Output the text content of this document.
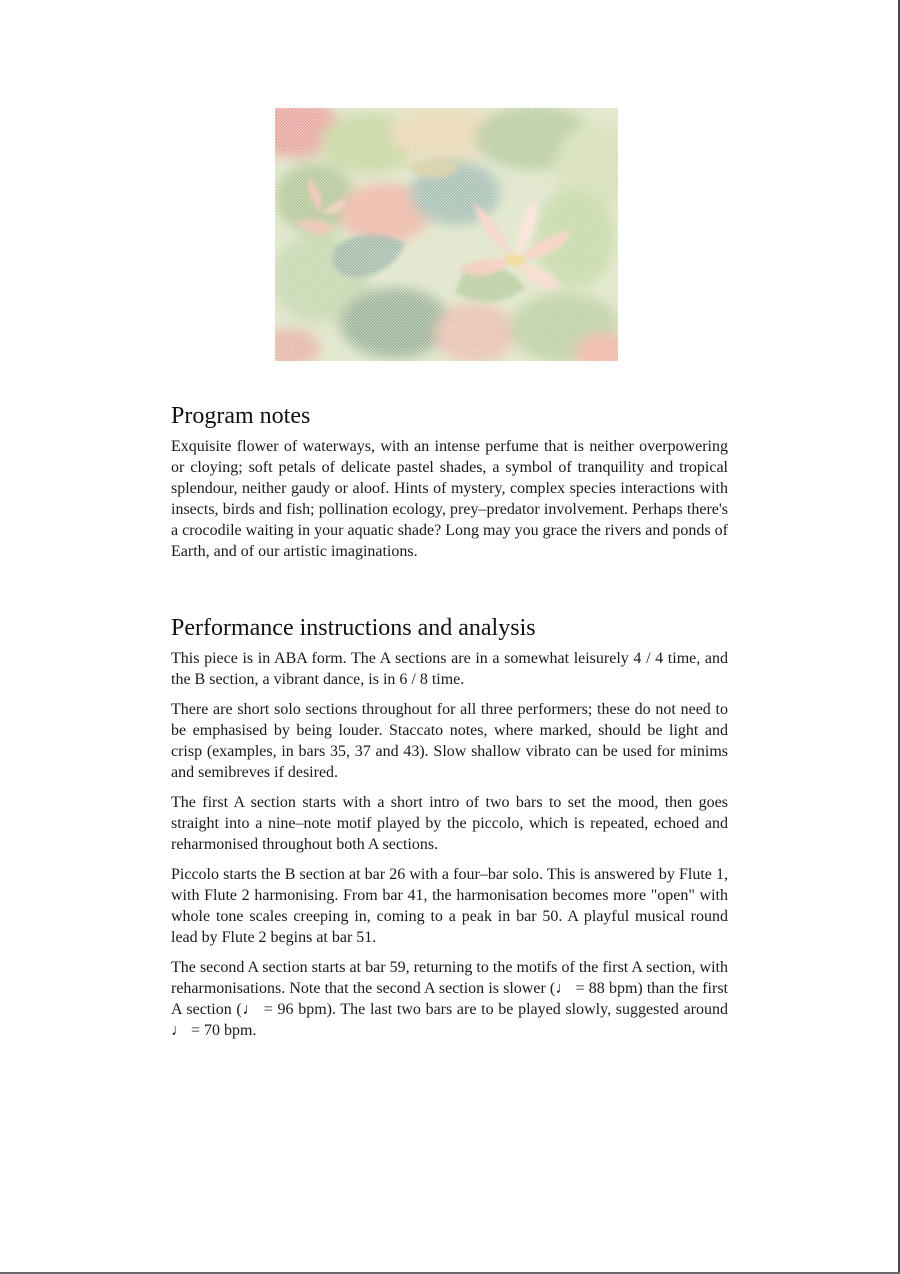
Program notes

Exquisite flower of waterways, with an intense perfume that is neither overpowering or cloying; soft petals of delicate pastel shades, a symbol of tranquility and tropical splendour, neither gaudy or aloof. Hints of mystery, complex species interactions with insects, birds and fish; pollination ecology, prey–predator involvement. Perhaps there's a crocodile waiting in your aquatic shade? Long may you grace the rivers and ponds of Earth, and of our artistic imaginations.

Performance instructions and analysis

This piece is in ABA form. The A sections are in a somewhat leisurely 4 / 4 time, and the B section, a vibrant dance, is in 6 / 8 time.

There are short solo sections throughout for all three performers; these do not need to be emphasised by being louder. Staccato notes, where marked, should be light and crisp (examples, in bars 35, 37 and 43). Slow shallow vibrato can be used for minims and semibreves if desired.

The first A section starts with a short intro of two bars to set the mood, then goes straight into a nine–note motif played by the piccolo, which is repeated, echoed and reharmonised throughout both A sections.

Piccolo starts the B section at bar 26 with a four–bar solo. This is answered by Flute 1, with Flute 2 harmonising. From bar 41, the harmonisation becomes more "open" with whole tone scales creeping in, coming to a peak in bar 50. A playful musical round lead by Flute 2 begins at bar 51.

The second A section starts at bar 59, returning to the motifs of the first A section, with reharmonisations. Note that the second A section is slower (♩ = 88 bpm) than the first A section (♩ = 96 bpm). The last two bars are to be played slowly, suggested around ♩ = 70 bpm.
